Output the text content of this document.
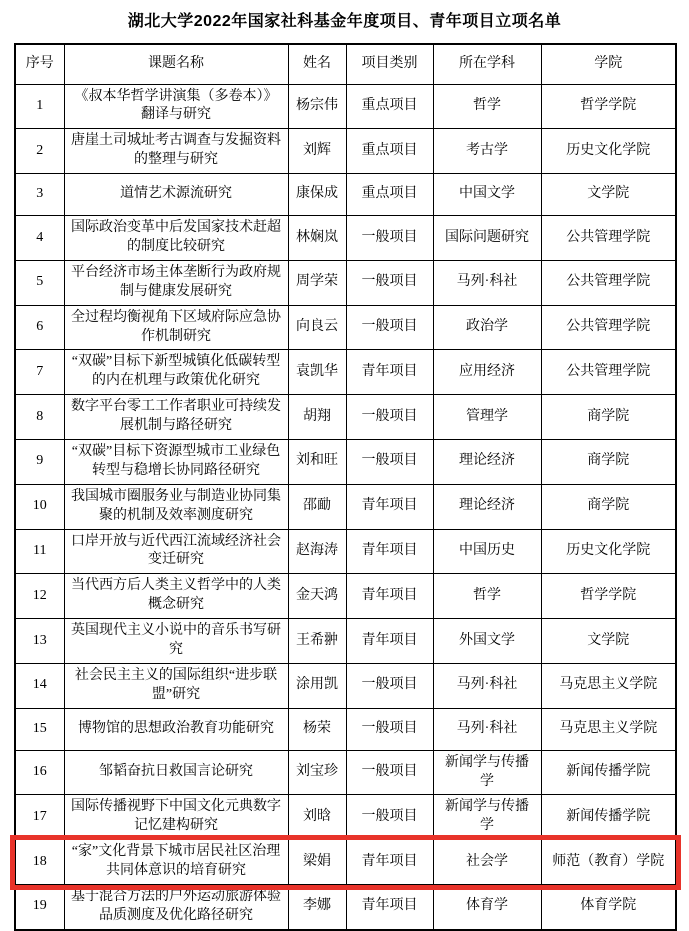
湖北大学2022年国家社科基金年度项目、青年项目立项名单
序号	课题名称	姓名	项目类别	所在学科	学院
1	《叔本华哲学讲演集（多卷本）》翻译与研究	杨宗伟	重点项目	哲学	哲学学院
2	唐崖土司城址考古调查与发掘资料的整理与研究	刘辉	重点项目	考古学	历史文化学院
3	道情艺术源流研究	康保成	重点项目	中国文学	文学院
4	国际政治变革中后发国家技术赶超的制度比较研究	林娴岚	一般项目	国际问题研究	公共管理学院
5	平台经济市场主体垄断行为政府规制与健康发展研究	周学荣	一般项目	马列·科社	公共管理学院
6	全过程均衡视角下区域府际应急协作机制研究	向良云	一般项目	政治学	公共管理学院
7	“双碳”目标下新型城镇化低碳转型的内在机理与政策优化研究	袁凯华	青年项目	应用经济	公共管理学院
8	数字平台零工工作者职业可持续发展机制与路径研究	胡翔	一般项目	管理学	商学院
9	“双碳”目标下资源型城市工业绿色转型与稳增长协同路径研究	刘和旺	一般项目	理论经济	商学院
10	我国城市圈服务业与制造业协同集聚的机制及效率测度研究	邵勔	青年项目	理论经济	商学院
11	口岸开放与近代西江流域经济社会变迁研究	赵海涛	青年项目	中国历史	历史文化学院
12	当代西方后人类主义哲学中的人类概念研究	金天鸿	青年项目	哲学	哲学学院
13	英国现代主义小说中的音乐书写研究	王希翀	青年项目	外国文学	文学院
14	社会民主主义的国际组织“进步联盟”研究	涂用凯	一般项目	马列·科社	马克思主义学院
15	博物馆的思想政治教育功能研究	杨荣	一般项目	马列·科社	马克思主义学院
16	邹韬奋抗日救国言论研究	刘宝珍	一般项目	新闻学与传播学	新闻传播学院
17	国际传播视野下中国文化元典数字记忆建构研究	刘晗	一般项目	新闻学与传播学	新闻传播学院
18	“家”文化背景下城市居民社区治理共同体意识的培育研究	梁娟	青年项目	社会学	师范（教育）学院
19	基于混合方法的户外运动旅游体验品质测度及优化路径研究	李娜	青年项目	体育学	体育学院
